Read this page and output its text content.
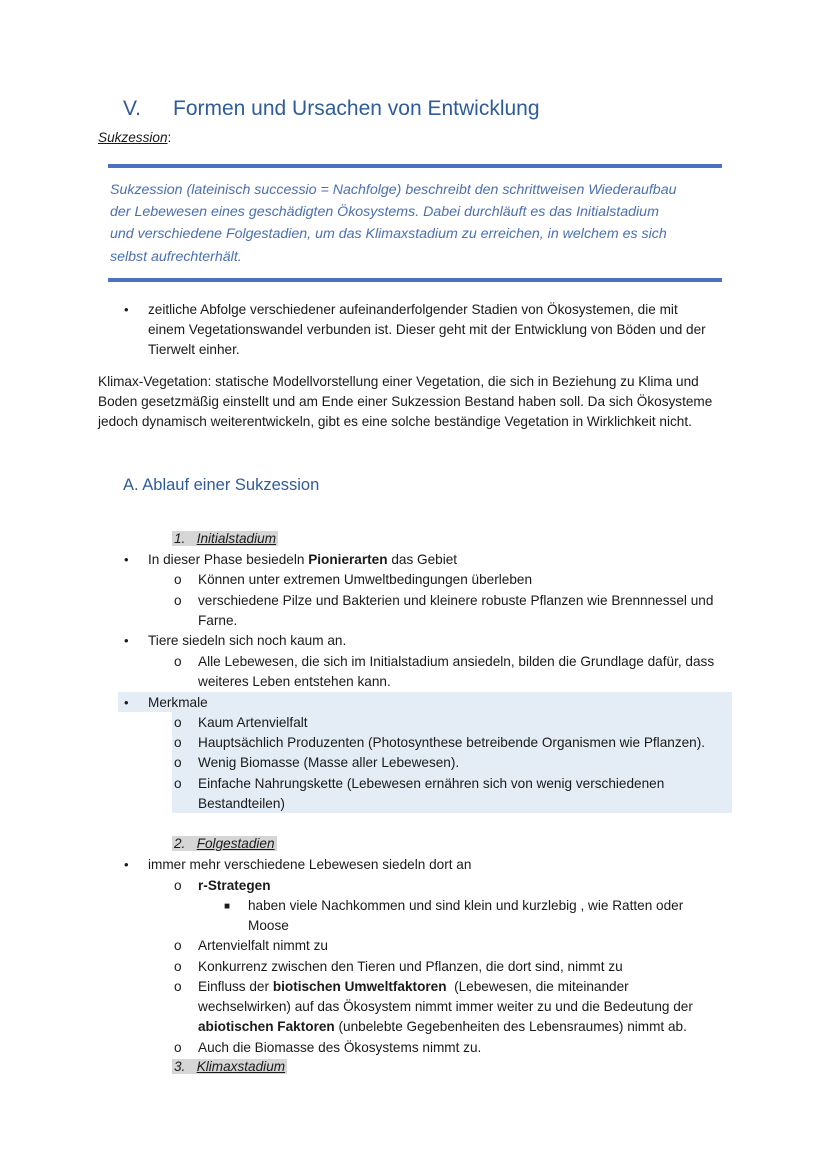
V. Formen und Ursachen von Entwicklung
Sukzession:
Sukzession (lateinisch successio = Nachfolge) beschreibt den schrittweisen Wiederaufbau
der Lebewesen eines geschädigten Ökosystems. Dabei durchläuft es das Initialstadium
und verschiedene Folgestadien, um das Klimaxstadium zu erreichen, in welchem es sich
selbst aufrechterhält.
• zeitliche Abfolge verschiedener aufeinanderfolgender Stadien von Ökosystemen, die mit
einem Vegetationswandel verbunden ist. Dieser geht mit der Entwicklung von Böden und der
Tierwelt einher.
Klimax-Vegetation: statische Modellvorstellung einer Vegetation, die sich in Beziehung zu Klima und
Boden gesetzmäßig einstellt und am Ende einer Sukzession Bestand haben soll. Da sich Ökosysteme
jedoch dynamisch weiterentwickeln, gibt es eine solche beständige Vegetation in Wirklichkeit nicht.
A. Ablauf einer Sukzession
1. Initialstadium
• In dieser Phase besiedeln Pionierarten das Gebiet
o Können unter extremen Umweltbedingungen überleben
o verschiedene Pilze und Bakterien und kleinere robuste Pflanzen wie Brennnessel und
Farne.
• Tiere siedeln sich noch kaum an.
o Alle Lebewesen, die sich im Initialstadium ansiedeln, bilden die Grundlage dafür, dass
weiteres Leben entstehen kann.
• Merkmale
o Kaum Artenvielfalt
o Hauptsächlich Produzenten (Photosynthese betreibende Organismen wie Pflanzen).
o Wenig Biomasse (Masse aller Lebewesen).
o Einfache Nahrungskette (Lebewesen ernähren sich von wenig verschiedenen
Bestandteilen)
2. Folgestadien
• immer mehr verschiedene Lebewesen siedeln dort an
o r-Strategen
■ haben viele Nachkommen und sind klein und kurzlebig , wie Ratten oder
Moose
o Artenvielfalt nimmt zu
o Konkurrenz zwischen den Tieren und Pflanzen, die dort sind, nimmt zu
o Einfluss der biotischen Umweltfaktoren  (Lebewesen, die miteinander
wechselwirken) auf das Ökosystem nimmt immer weiter zu und die Bedeutung der
abiotischen Faktoren (unbelebte Gegebenheiten des Lebensraumes) nimmt ab.
o Auch die Biomasse des Ökosystems nimmt zu.
3. Klimaxstadium
